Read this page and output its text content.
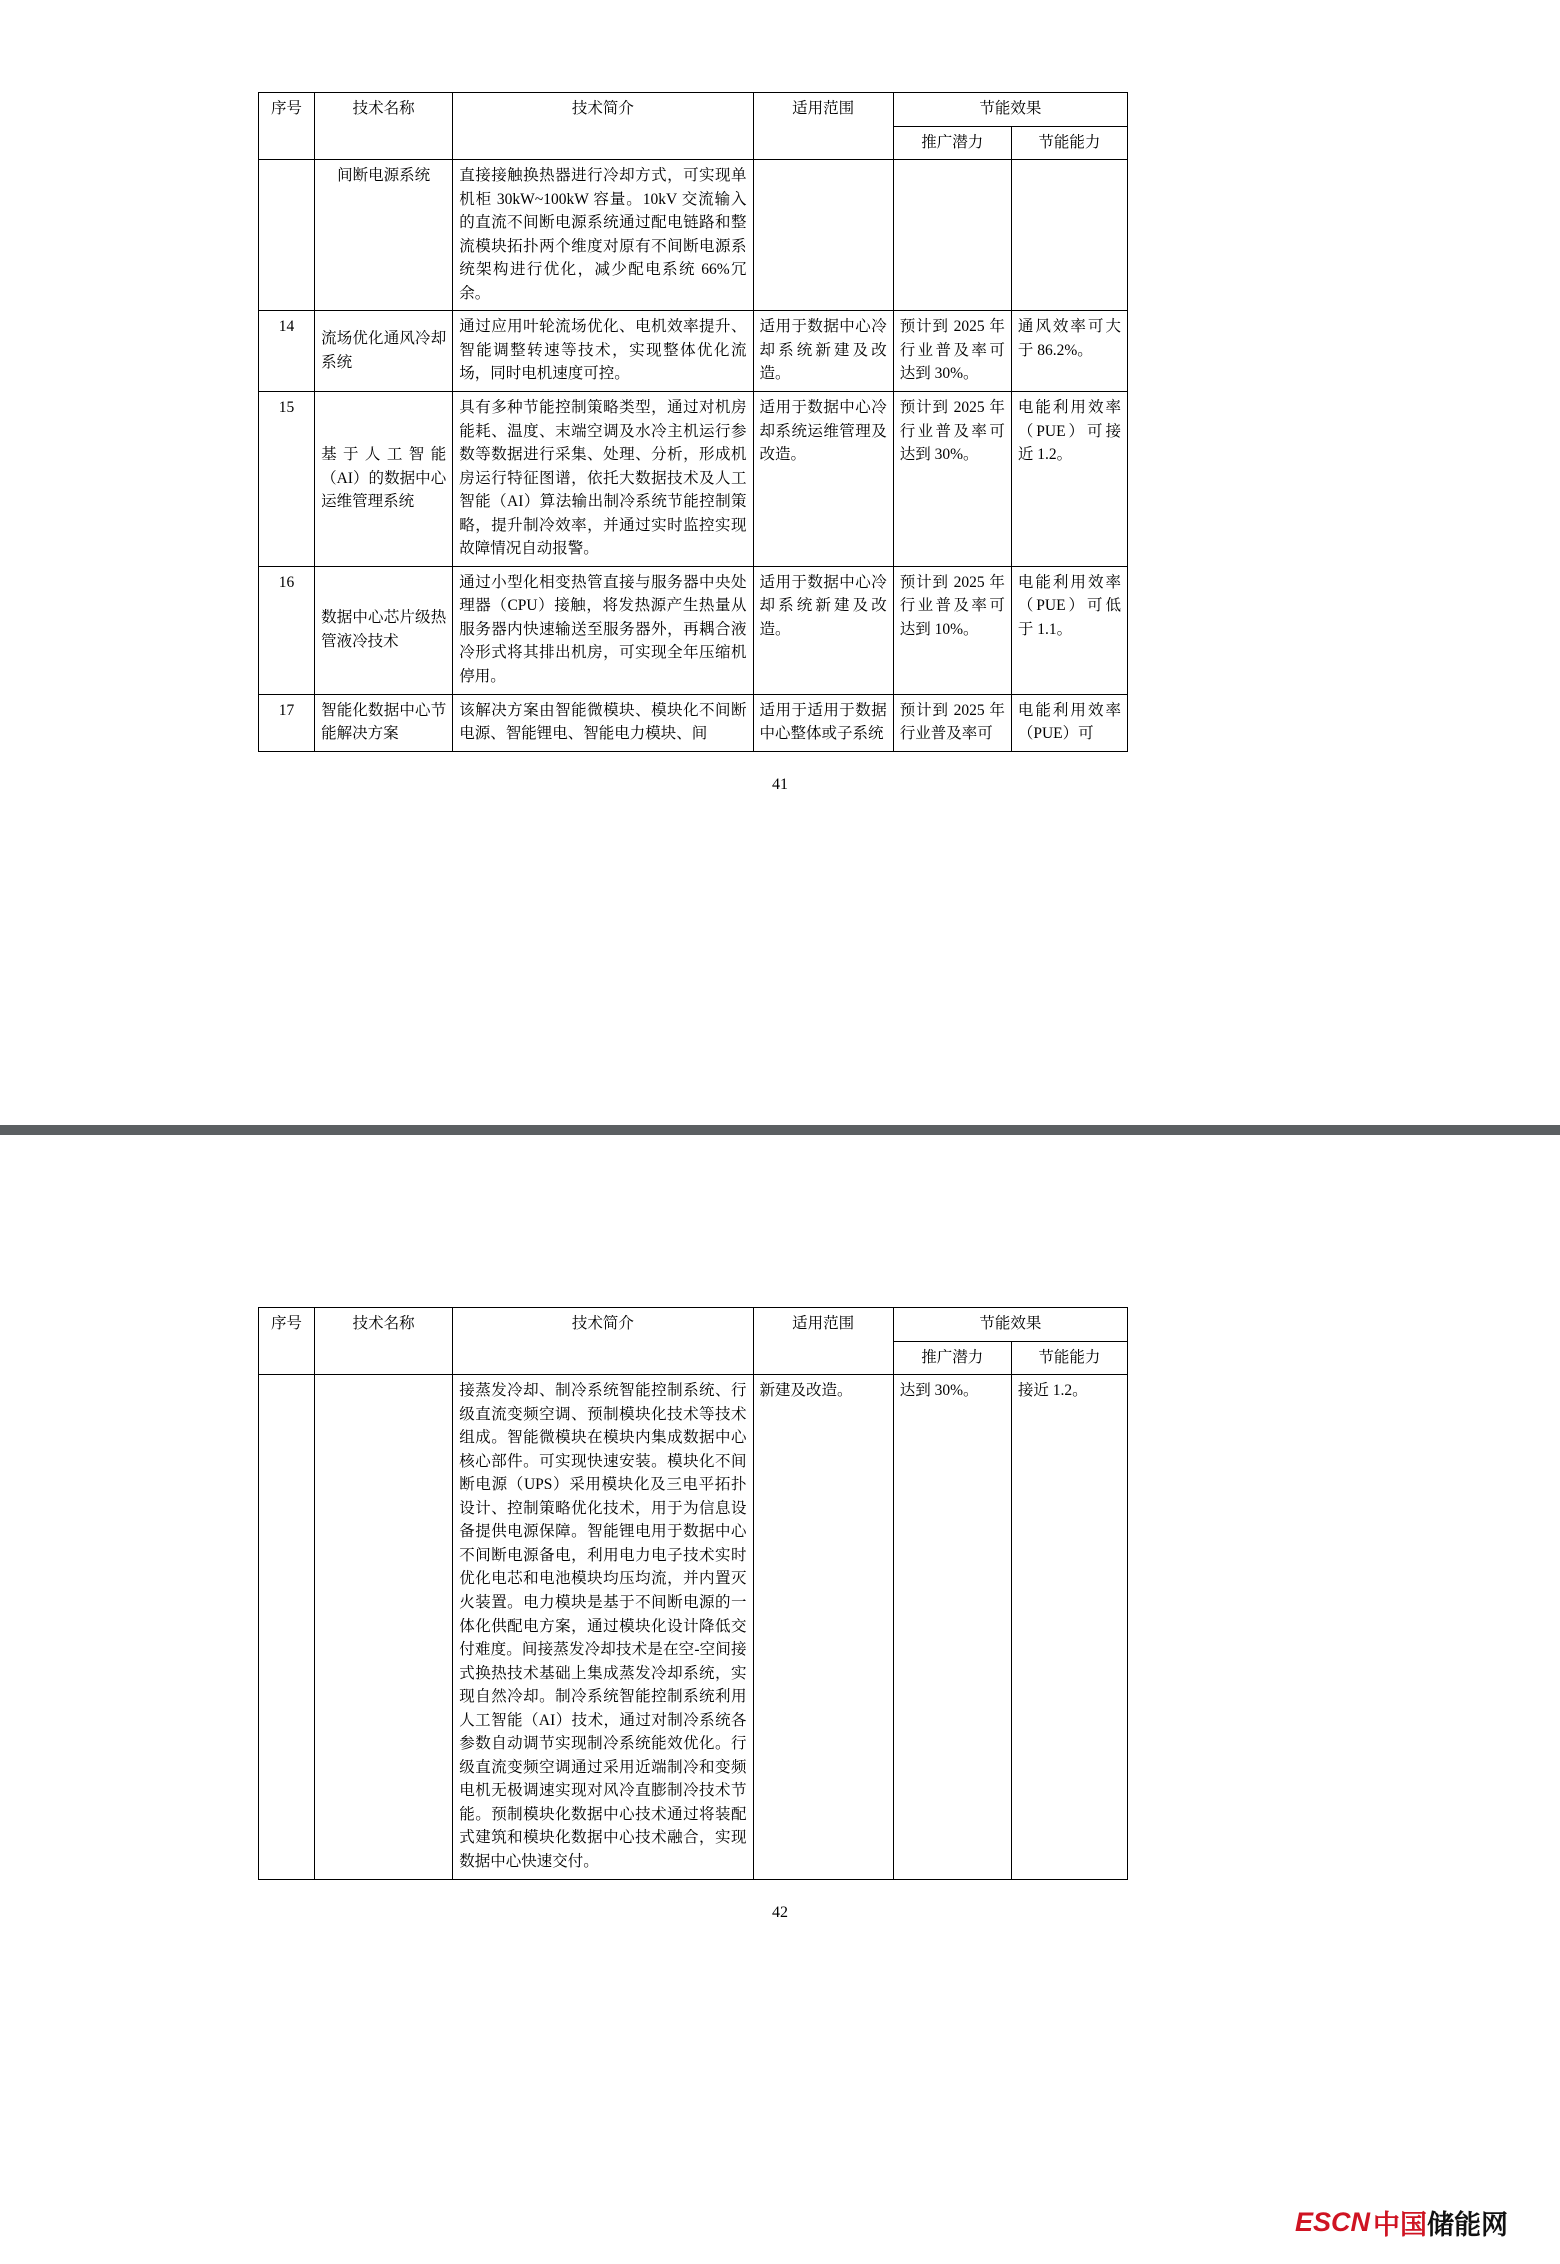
序号	技术名称	技术简介	适用范围	节能效果	
				推广潜力	节能能力
	间断电源系统	直接接触换热器进行冷却方式，可实现单机柜 30kW~100kW 容量。10kV 交流输入的直流不间断电源系统通过配电链路和整流模块拓扑两个维度对原有不间断电源系统架构进行优化，减少配电系统 66%冗余。			
14	流场优化通风冷却系统	通过应用叶轮流场优化、电机效率提升、智能调整转速等技术，实现整体优化流场，同时电机速度可控。	适用于数据中心冷却系统新建及改造。	预计到 2025 年行业普及率可达到 30%。	通风效率可大于 86.2%。
15	基于人工智能（AI）的数据中心运维管理系统	具有多种节能控制策略类型，通过对机房能耗、温度、末端空调及水冷主机运行参数等数据进行采集、处理、分析，形成机房运行特征图谱，依托大数据技术及人工智能（AI）算法输出制冷系统节能控制策略，提升制冷效率，并通过实时监控实现故障情况自动报警。	适用于数据中心冷却系统运维管理及改造。	预计到 2025 年行业普及率可达到 30%。	电能利用效率（PUE）可接近 1.2。
16	数据中心芯片级热管液冷技术	通过小型化相变热管直接与服务器中央处理器（CPU）接触，将发热源产生热量从服务器内快速输送至服务器外，再耦合液冷形式将其排出机房，可实现全年压缩机停用。	适用于数据中心冷却系统新建及改造。	预计到 2025 年行业普及率可达到 10%。	电能利用效率（PUE）可低于 1.1。
17	智能化数据中心节能解决方案	该解决方案由智能微模块、模块化不间断电源、智能锂电、智能电力模块、间	适用于适用于数据中心整体或子系统	预计到 2025 年行业普及率可	电能利用效率（PUE）可
41
序号	技术名称	技术简介	适用范围	节能效果	
				推广潜力	节能能力
		接蒸发冷却、制冷系统智能控制系统、行级直流变频空调、预制模块化技术等技术组成。智能微模块在模块内集成数据中心核心部件。可实现快速安装。模块化不间断电源（UPS）采用模块化及三电平拓扑设计、控制策略优化技术，用于为信息设备提供电源保障。智能锂电用于数据中心不间断电源备电，利用电力电子技术实时优化电芯和电池模块均压均流，并内置灭火装置。电力模块是基于不间断电源的一体化供配电方案，通过模块化设计降低交付难度。间接蒸发冷却技术是在空-空间接式换热技术基础上集成蒸发冷却系统，实现自然冷却。制冷系统智能控制系统利用人工智能（AI）技术，通过对制冷系统各参数自动调节实现制冷系统能效优化。行级直流变频空调通过采用近端制冷和变频电机无极调速实现对风冷直膨制冷技术节能。预制模块化数据中心技术通过将装配式建筑和模块化数据中心技术融合，实现数据中心快速交付。	新建及改造。	达到 30%。	接近 1.2。
42
ESCN 中国 储能网
